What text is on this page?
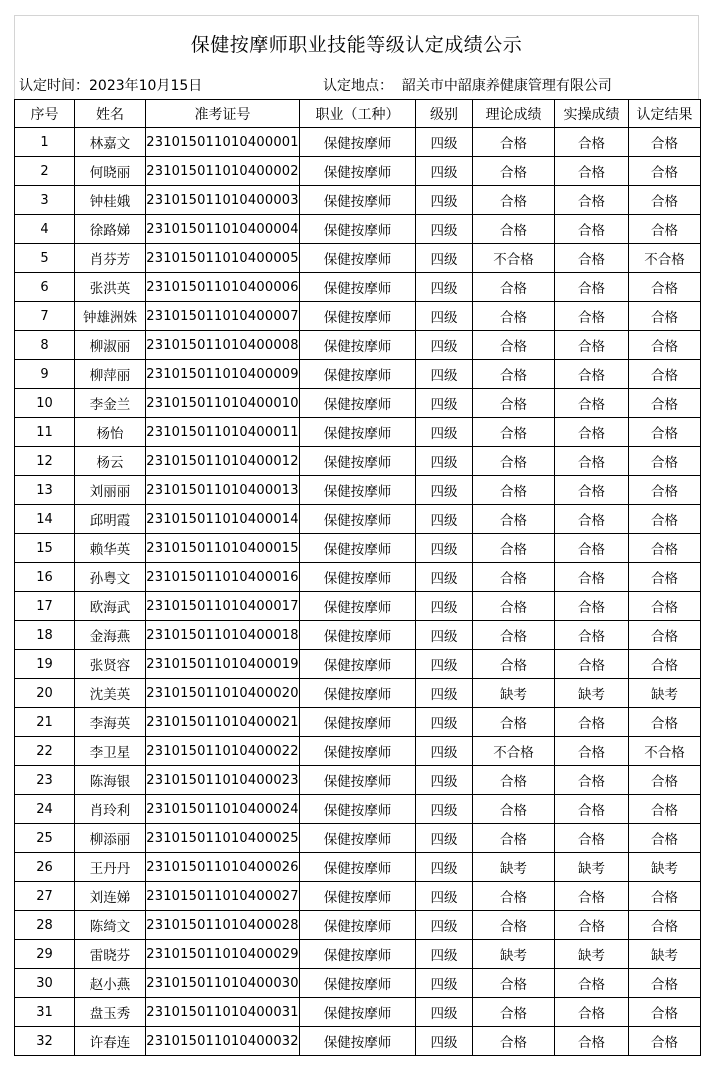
保健按摩师职业技能等级认定成绩公示
认定时间：2023年10月15日	认定地点： 韶关市中韶康养健康管理有限公司
序号	姓名	准考证号	职业（工种）	级别	理论成绩	实操成绩	认定结果
1	林嘉文	231015011010400001	保健按摩师	四级	合格	合格	合格
2	何晓丽	231015011010400002	保健按摩师	四级	合格	合格	合格
3	钟桂娥	231015011010400003	保健按摩师	四级	合格	合格	合格
4	徐路娣	231015011010400004	保健按摩师	四级	合格	合格	合格
5	肖芬芳	231015011010400005	保健按摩师	四级	不合格	合格	不合格
6	张洪英	231015011010400006	保健按摩师	四级	合格	合格	合格
7	钟雄洲姝	231015011010400007	保健按摩师	四级	合格	合格	合格
8	柳淑丽	231015011010400008	保健按摩师	四级	合格	合格	合格
9	柳萍丽	231015011010400009	保健按摩师	四级	合格	合格	合格
10	李金兰	231015011010400010	保健按摩师	四级	合格	合格	合格
11	杨怡	231015011010400011	保健按摩师	四级	合格	合格	合格
12	杨云	231015011010400012	保健按摩师	四级	合格	合格	合格
13	刘丽丽	231015011010400013	保健按摩师	四级	合格	合格	合格
14	邱明霞	231015011010400014	保健按摩师	四级	合格	合格	合格
15	赖华英	231015011010400015	保健按摩师	四级	合格	合格	合格
16	孙粤文	231015011010400016	保健按摩师	四级	合格	合格	合格
17	欧海武	231015011010400017	保健按摩师	四级	合格	合格	合格
18	金海燕	231015011010400018	保健按摩师	四级	合格	合格	合格
19	张贤容	231015011010400019	保健按摩师	四级	合格	合格	合格
20	沈美英	231015011010400020	保健按摩师	四级	缺考	缺考	缺考
21	李海英	231015011010400021	保健按摩师	四级	合格	合格	合格
22	李卫星	231015011010400022	保健按摩师	四级	不合格	合格	不合格
23	陈海银	231015011010400023	保健按摩师	四级	合格	合格	合格
24	肖玲利	231015011010400024	保健按摩师	四级	合格	合格	合格
25	柳添丽	231015011010400025	保健按摩师	四级	合格	合格	合格
26	王丹丹	231015011010400026	保健按摩师	四级	缺考	缺考	缺考
27	刘连娣	231015011010400027	保健按摩师	四级	合格	合格	合格
28	陈绮文	231015011010400028	保健按摩师	四级	合格	合格	合格
29	雷晓芬	231015011010400029	保健按摩师	四级	缺考	缺考	缺考
30	赵小燕	231015011010400030	保健按摩师	四级	合格	合格	合格
31	盘玉秀	231015011010400031	保健按摩师	四级	合格	合格	合格
32	许春连	231015011010400032	保健按摩师	四级	合格	合格	合格
